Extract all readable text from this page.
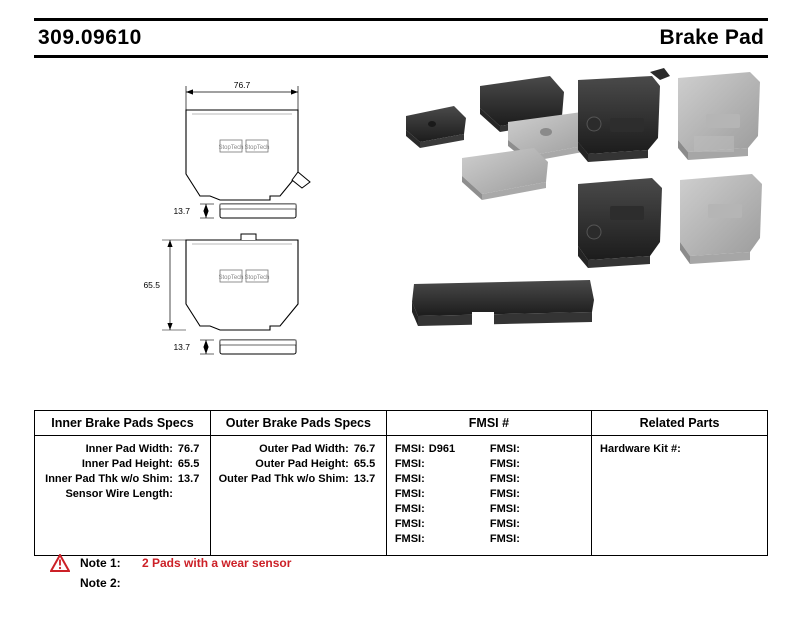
309.09610	Brake Pad
StopTech StopTech
StopTech StopTech
76.7
13.7
65.5
13.7
Inner Brake Pads Specs	Outer Brake Pads Specs	FMSI #	Related Parts

Inner Pad Width: 76.7
Inner Pad Height: 65.5
Inner Pad Thk w/o Shim: 13.7
Sensor Wire Length:

Outer Pad Width: 76.7
Outer Pad Height: 65.5
Outer Pad Thk w/o Shim: 13.7

FMSI: D961
FMSI:
FMSI:
FMSI:
FMSI:
FMSI:
FMSI:
FMSI:
FMSI:
FMSI:
FMSI:
FMSI:
FMSI:
FMSI:

Hardware Kit #:
Note 1:	2 Pads with a wear sensor
Note 2:
